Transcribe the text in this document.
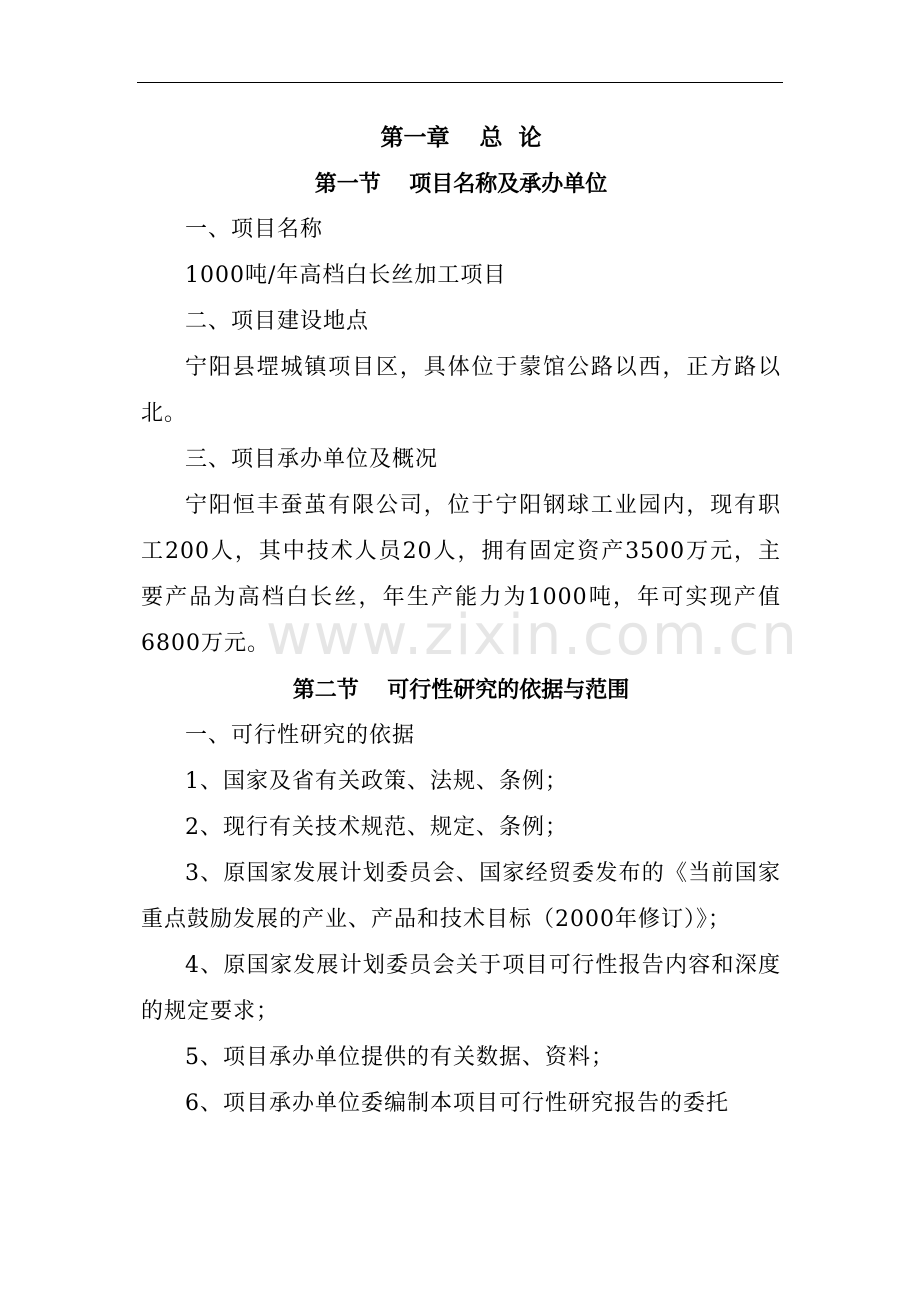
第一章 总  论
第一节 项目名称及承办单位

一、项目名称

1000吨/年高档白长丝加工项目

二、项目建设地点

宁阳县堽城镇项目区，具体位于蒙馆公路以西，正方路以北。

三、项目承办单位及概况

宁阳恒丰蚕茧有限公司，位于宁阳钢球工业园内，现有职工200人，其中技术人员20人，拥有固定资产3500万元，主要产品为高档白长丝，年生产能力为1000吨，年可实现产值6800万元。

第二节 可行性研究的依据与范围

一、可行性研究的依据

1、国家及省有关政策、法规、条例；

2、现行有关技术规范、规定、条例；

3、原国家发展计划委员会、国家经贸委发布的《当前国家重点鼓励发展的产业、产品和技术目标（2000年修订）》；

4、原国家发展计划委员会关于项目可行性报告内容和深度的规定要求；

5、项目承办单位提供的有关数据、资料；

6、项目承办单位委编制本项目可行性研究报告的委托

www.zixin.com.cn
